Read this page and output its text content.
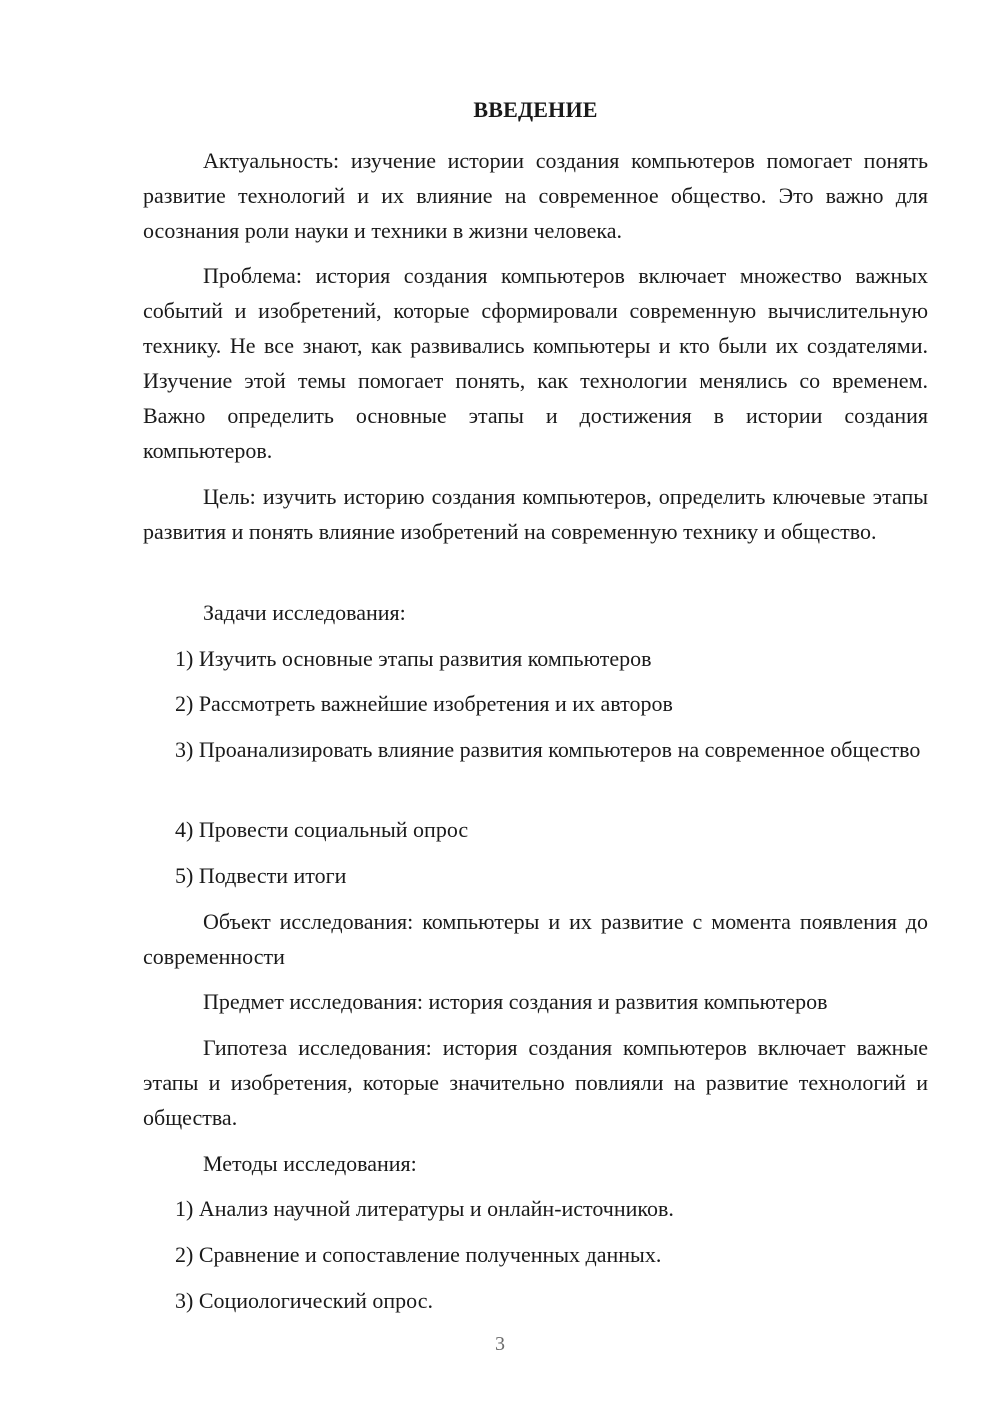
ВВЕДЕНИЕ
Актуальность: изучение истории создания компьютеров помогает понять развитие технологий и их влияние на современное общество. Это важно для осознания роли науки и техники в жизни человека.
Проблема: история создания компьютеров включает множество важных событий и изобретений, которые сформировали современную вычислительную технику. Не все знают, как развивались компьютеры и кто были их создателями. Изучение этой темы помогает понять, как технологии менялись со временем. Важно определить основные этапы и достижения в истории создания компьютеров.
Цель: изучить историю создания компьютеров, определить ключевые этапы развития и понять влияние изобретений на современную технику и общество.
Задачи исследования:
1) Изучить основные этапы развития компьютеров
2) Рассмотреть важнейшие изобретения и их авторов
3) Проанализировать влияние развития компьютеров на современное общество
4) Провести социальный опрос
5) Подвести итоги
Объект исследования: компьютеры и их развитие с момента появления до современности
Предмет исследования: история создания и развития компьютеров
Гипотеза исследования: история создания компьютеров включает важные этапы и изобретения, которые значительно повлияли на развитие технологий и общества.
Методы исследования:
1) Анализ научной литературы и онлайн-источников.
2) Сравнение и сопоставление полученных данных.
3) Социологический опрос.
3
